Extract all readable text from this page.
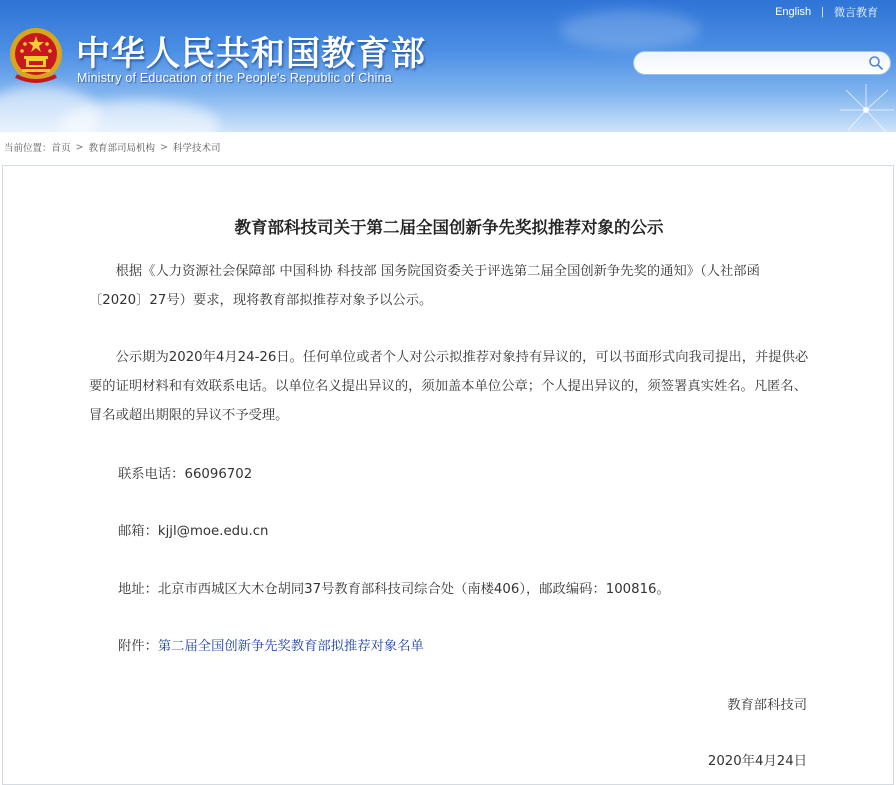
中华人民共和国教育部
Ministry of Education of the People's Republic of China
English | 微言教育
当前位置： 首页 > 教育部司局机构 > 科学技术司
教育部科技司关于第二届全国创新争先奖拟推荐对象的公示

根据《人力资源社会保障部 中国科协 科技部 国务院国资委关于评选第二届全国创新争先奖的通知》（人社部函〔2020〕27号）要求，现将教育部拟推荐对象予以公示。

公示期为2020年4月24-26日。任何单位或者个人对公示拟推荐对象持有异议的，可以书面形式向我司提出，并提供必要的证明材料和有效联系电话。以单位名义提出异议的，须加盖本单位公章；个人提出异议的，须签署真实姓名。凡匿名、冒名或超出期限的异议不予受理。

联系电话：66096702
邮箱：kjjl@moe.edu.cn
地址：北京市西城区大木仓胡同37号教育部科技司综合处（南楼406），邮政编码：100816。
附件：第二届全国创新争先奖教育部拟推荐对象名单
教育部科技司
2020年4月24日
